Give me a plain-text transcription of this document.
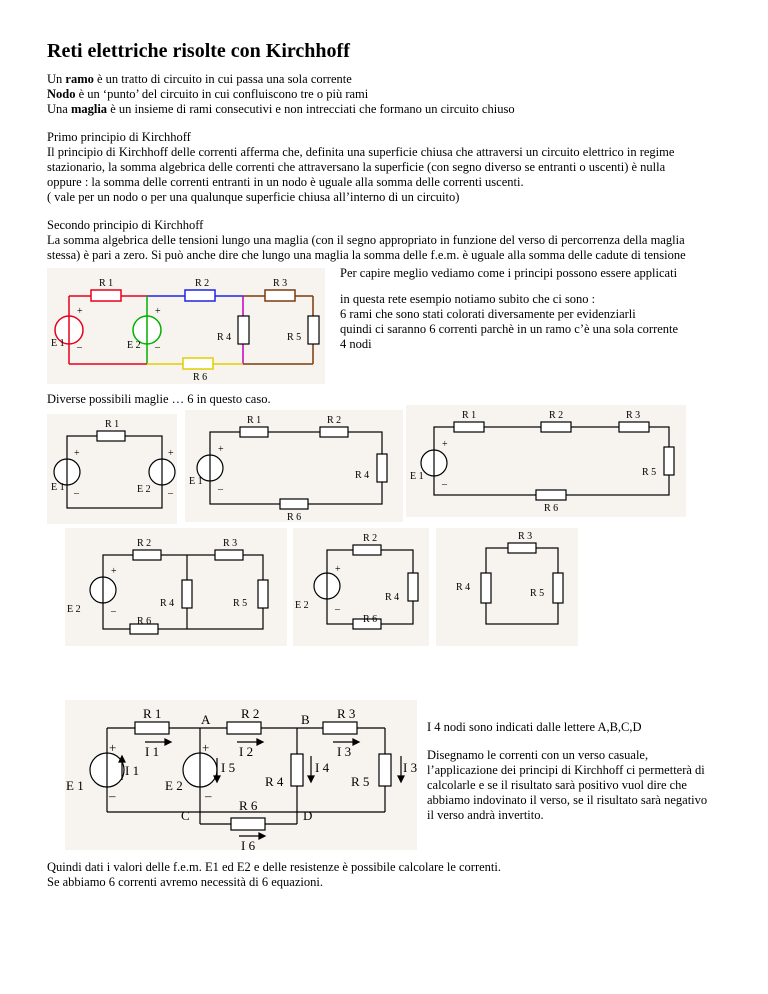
Reti elettriche risolte con Kirchhoff
Un ramo è un tratto di circuito in cui passa una sola corrente
Nodo è un ‘punto’ del circuito in cui confluiscono tre o più rami
Una maglia è un insieme di rami consecutivi e non intrecciati che formano un circuito chiuso
Primo principio di Kirchhoff
Il principio di Kirchhoff delle correnti afferma che, definita una superficie chiusa che attraversi un circuito elettrico in regime
stazionario, la somma algebrica delle correnti che attraversano la superficie (con segno diverso se entranti o uscenti) è nulla
oppure : la somma delle correnti entranti in un nodo è uguale alla somma delle correnti uscenti.
( vale per un nodo o per una qualunque superficie chiusa all’interno di un circuito)
Secondo principio di Kirchhoff
La somma algebrica delle tensioni lungo una maglia (con il segno appropriato in funzione del verso di percorrenza della maglia
stessa) è pari a zero. Si può anche dire che lungo una maglia la somma delle f.e.m. è uguale alla somma delle cadute di tensione
Per capire meglio vediamo come i principi possono essere applicati
in questa rete esempio notiamo subito che ci sono :
6 rami che sono stati colorati diversamente per evidenziarli
quindi ci saranno 6 correnti parchè in un ramo c’è una sola corrente
4 nodi
R 1	R 2	R 3
+
–
E 1
+
–
E 2
R 4	R 5
R 6
Diverse possibili maglie … 6 in questo caso.
R 1
E 1	E 2
+
–
+
–
R 1	R 2
R 4
R 6
E 1
+
–
R 1	R 2	R 3
R 5
R 6
E 1
+
–
R 2	R 3
R 4	R 5
R 6
E 2
+
–
R 2
R 4
R 6
E 2
+
–
R 3
R 4
R 5
R 1	R 2	R 3
R 4	R 5
R 6
E 1	E 2
A	B
C	D
I 1
I 1
I 2	I 3
I 4
I 5	I 3
I 6
+
–
+
–
I 4 nodi sono indicati dalle lettere A,B,C,D
Disegnamo le correnti con un verso casuale,
l’applicazione dei principi di Kirchhoff ci permetterà di
calcolarle e se il risultato sarà positivo vuol dire che
abbiamo indovinato il verso, se il risultato sarà negativo
il verso andrà invertito.
Quindi dati i valori delle f.e.m. E1 ed E2 e delle resistenze è possibile calcolare le correnti.
Se abbiamo 6 correnti avremo necessità di 6 equazioni.
